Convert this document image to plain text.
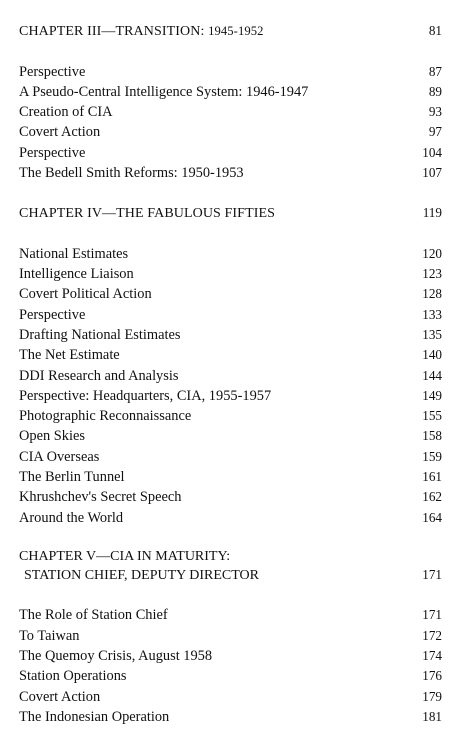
CHAPTER III—TRANSITION: 1945-1952	81
Perspective	87
A Pseudo-Central Intelligence System: 1946-1947	89
Creation of CIA	93
Covert Action	97
Perspective	104
The Bedell Smith Reforms: 1950-1953	107
CHAPTER IV—THE FABULOUS FIFTIES	119
National Estimates	120
Intelligence Liaison	123
Covert Political Action	128
Perspective	133
Drafting National Estimates	135
The Net Estimate	140
DDI Research and Analysis	144
Perspective: Headquarters, CIA, 1955-1957	149
Photographic Reconnaissance	155
Open Skies	158
CIA Overseas	159
The Berlin Tunnel	161
Khrushchev's Secret Speech	162
Around the World	164
CHAPTER V—CIA IN MATURITY:
STATION CHIEF, DEPUTY DIRECTOR	171
The Role of Station Chief	171
To Taiwan	172
The Quemoy Crisis, August 1958	174
Station Operations	176
Covert Action	179
The Indonesian Operation	181
